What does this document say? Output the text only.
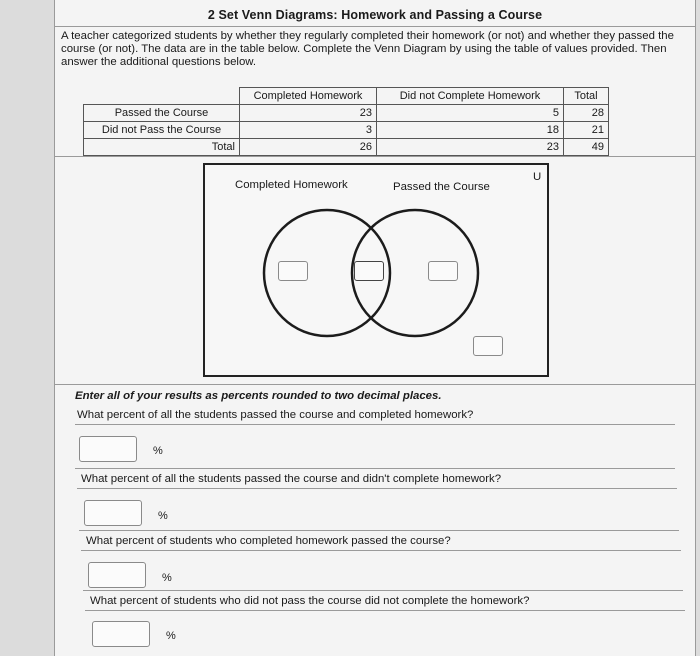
2 Set Venn Diagrams: Homework and Passing a Course
A teacher categorized students by whether they regularly completed their homework (or not) and whether they passed the course (or not). The data are in the table below. Complete the Venn Diagram by using the table of values provided. Then answer the additional questions below.
	Completed Homework	Did not Complete Homework	Total
Passed the Course	23	5	28
Did not Pass the Course	3	18	21
Total	26	23	49
Completed Homework	Passed the Course
U
Enter all of your results as percents rounded to two decimal places.
What percent of all the students passed the course and completed homework?
%
What percent of all the students passed the course and didn't complete homework?
%
What percent of students who completed homework passed the course?
%
What percent of students who did not pass the course did not complete the homework?
%
